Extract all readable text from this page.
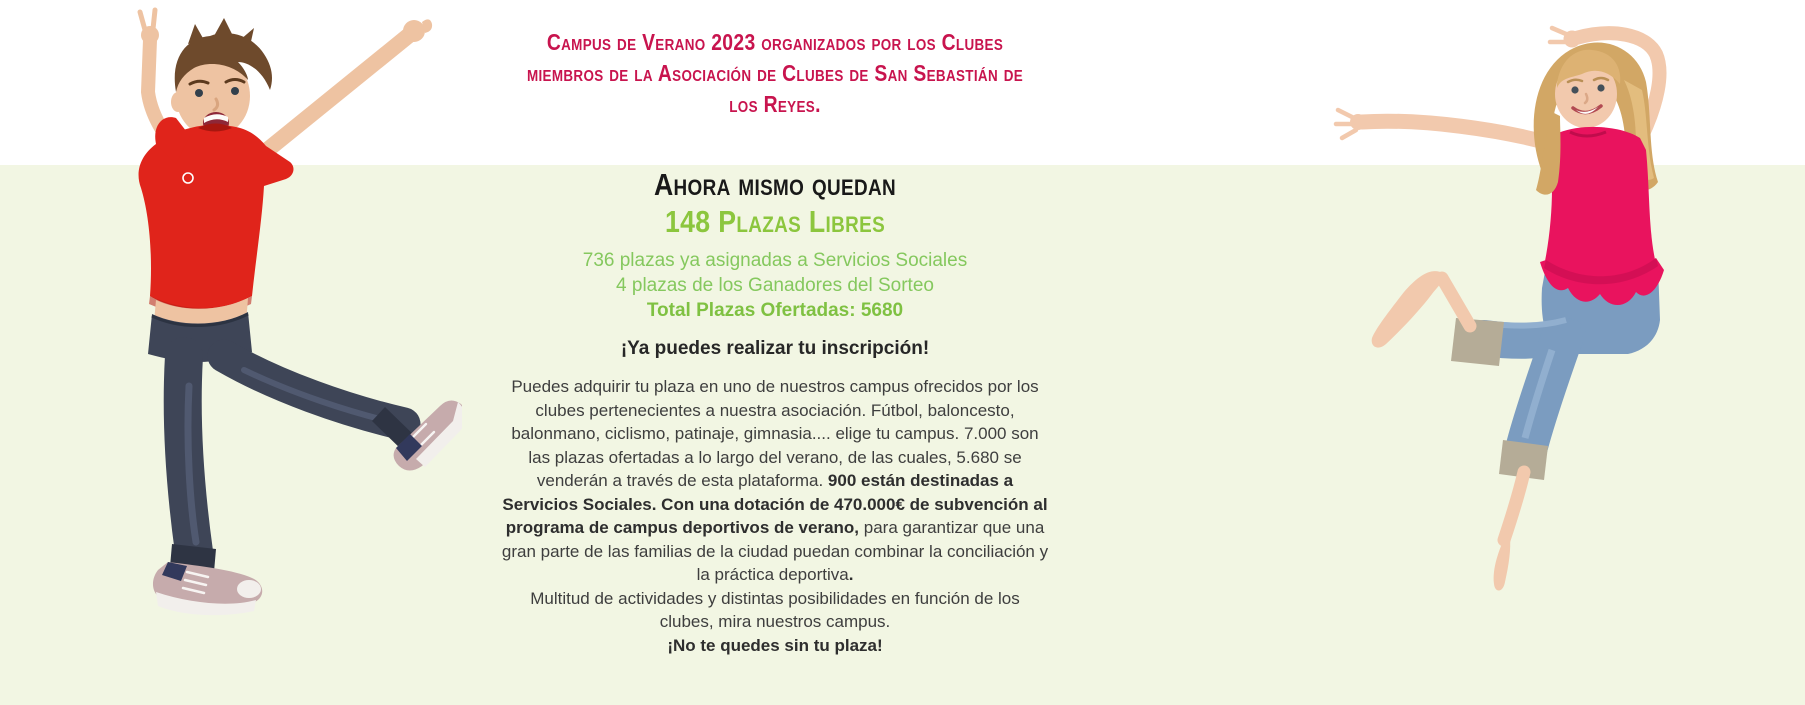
Campus de Verano 2023 organizados por los Clubes
miembros de la Asociación de Clubes de San Sebastián de
los Reyes.
Ahora mismo quedan
148 Plazas Libres
736 plazas ya asignadas a Servicios Sociales
4 plazas de los Ganadores del Sorteo
Total Plazas Ofertadas: 5680
¡Ya puedes realizar tu inscripción!

Puedes adquirir tu plaza en uno de nuestros campus ofrecidos por los clubes pertenecientes a nuestra asociación. Fútbol, baloncesto, balonmano, ciclismo, patinaje, gimnasia.... elige tu campus. 7.000 son las plazas ofertadas a lo largo del verano, de las cuales, 5.680 se venderán a través de esta plataforma. 900 están destinadas a Servicios Sociales. Con una dotación de 470.000€ de subvención al programa de campus deportivos de verano, para garantizar que una gran parte de las familias de la ciudad puedan combinar la conciliación y la práctica deportiva.
Multitud de actividades y distintas posibilidades en función de los clubes, mira nuestros campus.
¡No te quedes sin tu plaza!
